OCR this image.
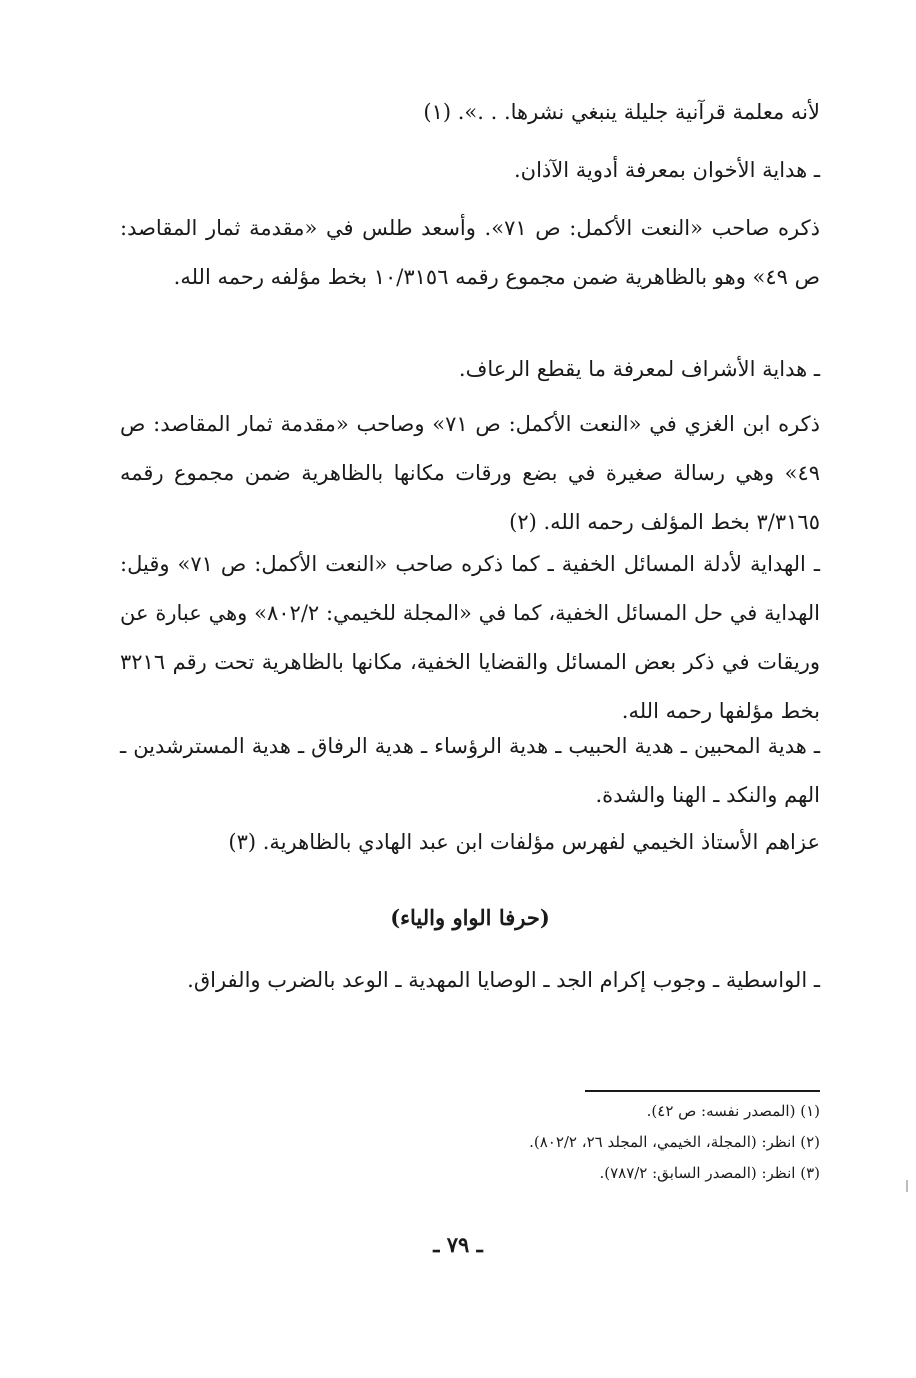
لأنه معلمة قرآنية جليلة ينبغي نشرها. . .». (١)

ـ هداية الأخوان بمعرفة أدوية الآذان.

ذكره صاحب «النعت الأكمل: ص ٧١». وأسعد طلس في «مقدمة ثمار المقاصد: ص ٤٩» وهو بالظاهرية ضمن مجموع رقمه ١٠/٣١٥٦ بخط مؤلفه رحمه الله.

ـ هداية الأشراف لمعرفة ما يقطع الرعاف.

ذكره ابن الغزي في «النعت الأكمل: ص ٧١» وصاحب «مقدمة ثمار المقاصد: ص ٤٩» وهي رسالة صغيرة في بضع ورقات مكانها بالظاهرية ضمن مجموع رقمه ٣/٣١٦٥ بخط المؤلف رحمه الله. (٢)

ـ الهداية لأدلة المسائل الخفية ـ كما ذكره صاحب «النعت الأكمل: ص ٧١» وقيل: الهداية في حل المسائل الخفية، كما في «المجلة للخيمي: ٨٠٢/٢» وهي عبارة عن وريقات في ذكر بعض المسائل والقضايا الخفية، مكانها بالظاهرية تحت رقم ٣٢١٦ بخط مؤلفها رحمه الله.

ـ هدية المحبين ـ هدية الحبيب ـ هدية الرؤساء ـ هدية الرفاق ـ هدية المسترشدين ـ الهم والنكد ـ الهنا والشدة.

عزاهم الأستاذ الخيمي لفهرس مؤلفات ابن عبد الهادي بالظاهرية. (٣)

(حرفا الواو والياء)

ـ الواسطية ـ وجوب إكرام الجد ـ الوصايا المهدية ـ الوعد بالضرب والفراق.

(١) (المصدر نفسه: ص ٤٢).

(٢) انظر: (المجلة، الخيمي، المجلد ٢٦، ٨٠٢/٢).

(٣) انظر: (المصدر السابق: ٧٨٧/٢).

ـ ٧٩ ـ
